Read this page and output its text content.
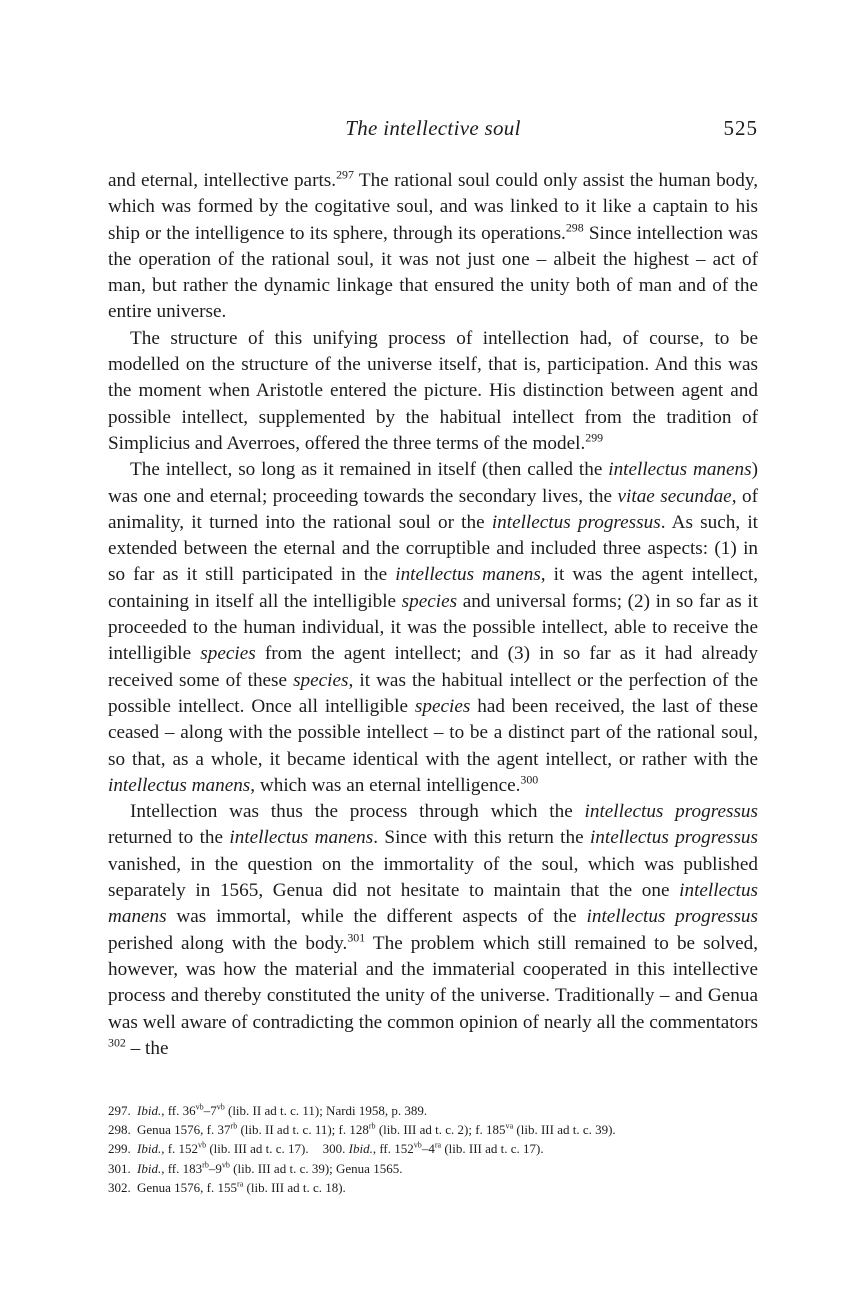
The intellective soul	525

and eternal, intellective parts.$^{297}$ The rational soul could only assist the human body, which was formed by the cogitative soul, and was linked to it like a captain to his ship or the intelligence to its sphere, through its operations.$^{298}$ Since intellection was the operation of the rational soul, it was not just one – albeit the highest – act of man, but rather the dynamic linkage that ensured the unity both of man and of the entire universe.

The structure of this unifying process of intellection had, of course, to be modelled on the structure of the universe itself, that is, participation. And this was the moment when Aristotle entered the picture. His distinction between agent and possible intellect, supplemented by the habitual intellect from the tradition of Simplicius and Averroes, offered the three terms of the model.$^{299}$

The intellect, so long as it remained in itself (then called the intellectus manens) was one and eternal; proceeding towards the secondary lives, the vitae secundae, of animality, it turned into the rational soul or the intellectus progressus. As such, it extended between the eternal and the corruptible and included three aspects: (1) in so far as it still participated in the intellectus manens, it was the agent intellect, containing in itself all the intelligible species and universal forms; (2) in so far as it proceeded to the human individual, it was the possible intellect, able to receive the intelligible species from the agent intellect; and (3) in so far as it had already received some of these species, it was the habitual intellect or the perfection of the possible intellect. Once all intelligible species had been received, the last of these ceased – along with the possible intellect – to be a distinct part of the rational soul, so that, as a whole, it became identical with the agent intellect, or rather with the intellectus manens, which was an eternal intelligence.$^{300}$

Intellection was thus the process through which the intellectus progressus returned to the intellectus manens. Since with this return the intellectus progressus vanished, in the question on the immortality of the soul, which was published separately in 1565, Genua did not hesitate to maintain that the one intellectus manens was immortal, while the different aspects of the intellectus progressus perished along with the body.$^{301}$ The problem which still remained to be solved, however, was how the material and the immaterial cooperated in this intellective process and thereby constituted the unity of the universe. Traditionally – and Genua was well aware of contradicting the common opinion of nearly all the commentators $^{302}$ – the

297. Ibid., ff. $36^{vb}-7^{vb}$ (lib. II ad t. c. 11); Nardi 1958, p. 389.
298. Genua 1576, f. $37^{rb}$ (lib. II ad t. c. 11); f. $128^{rb}$ (lib. III ad t. c. 2); f. $185^{va}$ (lib. III ad t. c. 39).
299. Ibid., f. $152^{vb}$ (lib. III ad t. c. 17). 300. Ibid., ff. $152^{vb}-4^{ra}$ (lib. III ad t. c. 17).
301. Ibid., ff. $183^{rb}-9^{vb}$ (lib. III ad t. c. 39); Genua 1565.
302. Genua 1576, f. $155^{ra}$ (lib. III ad t. c. 18).
